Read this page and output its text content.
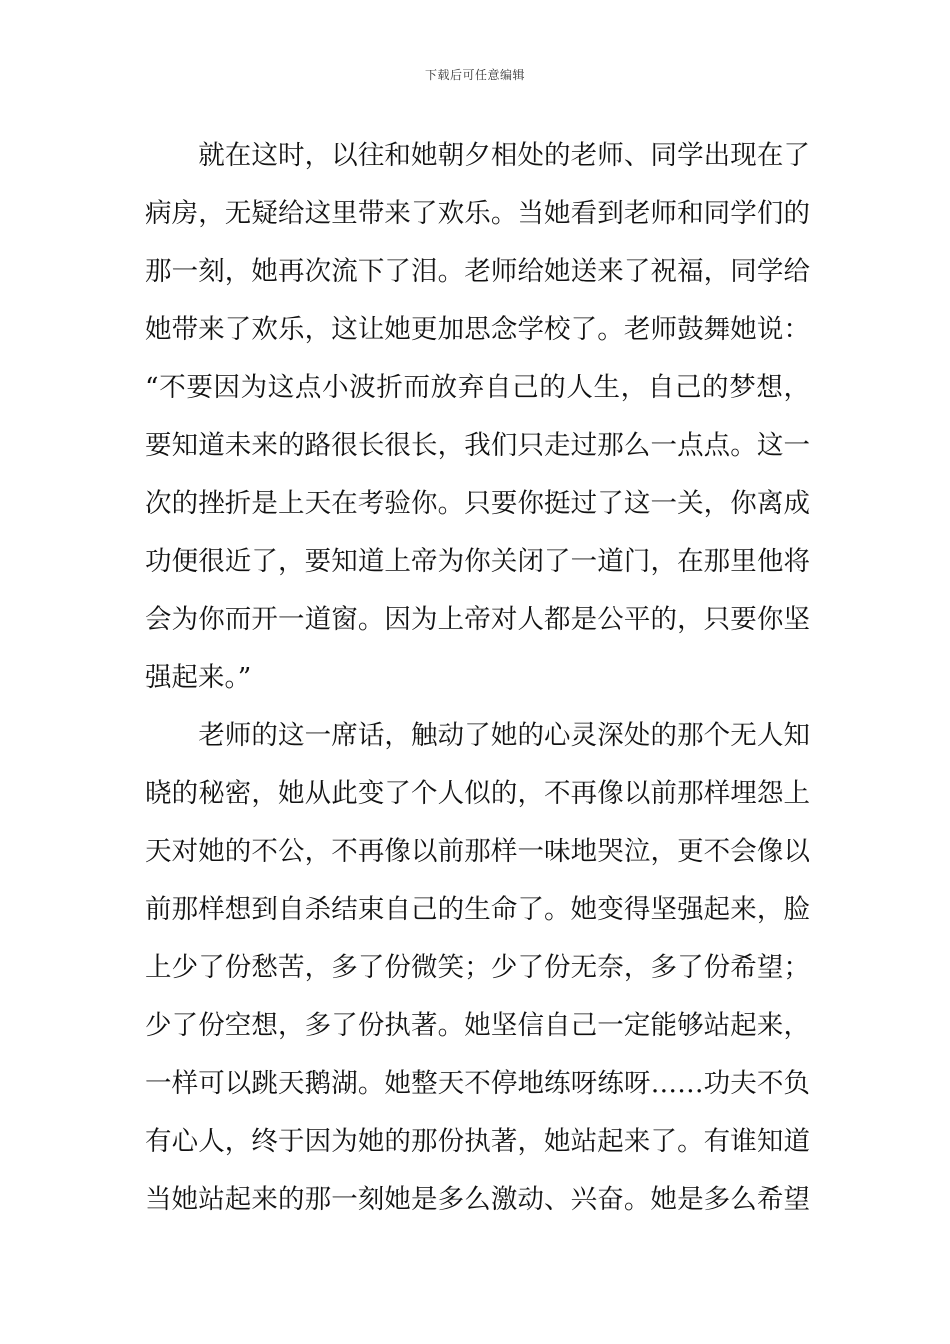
下载后可任意编辑
　　就在这时，以往和她朝夕相处的老师、同学出现在了
病房，无疑给这里带来了欢乐。当她看到老师和同学们的
那一刻，她再次流下了泪。老师给她送来了祝福，同学给
她带来了欢乐，这让她更加思念学校了。老师鼓舞她说：
“不要因为这点小波折而放弃自己的人生，自己的梦想，
要知道未来的路很长很长，我们只走过那么一点点。这一
次的挫折是上天在考验你。只要你挺过了这一关，你离成
功便很近了，要知道上帝为你关闭了一道门，在那里他将
会为你而开一道窗。因为上帝对人都是公平的，只要你坚
强起来。”
　　老师的这一席话，触动了她的心灵深处的那个无人知
晓的秘密，她从此变了个人似的，不再像以前那样埋怨上
天对她的不公，不再像以前那样一味地哭泣，更不会像以
前那样想到自杀结束自己的生命了。她变得坚强起来，脸
上少了份愁苦，多了份微笑；少了份无奈，多了份希望；
少了份空想，多了份执著。她坚信自己一定能够站起来，
一样可以跳天鹅湖。她整天不停地练呀练呀……功夫不负
有心人，终于因为她的那份执著，她站起来了。有谁知道
当她站起来的那一刻她是多么激动、兴奋。她是多么希望
